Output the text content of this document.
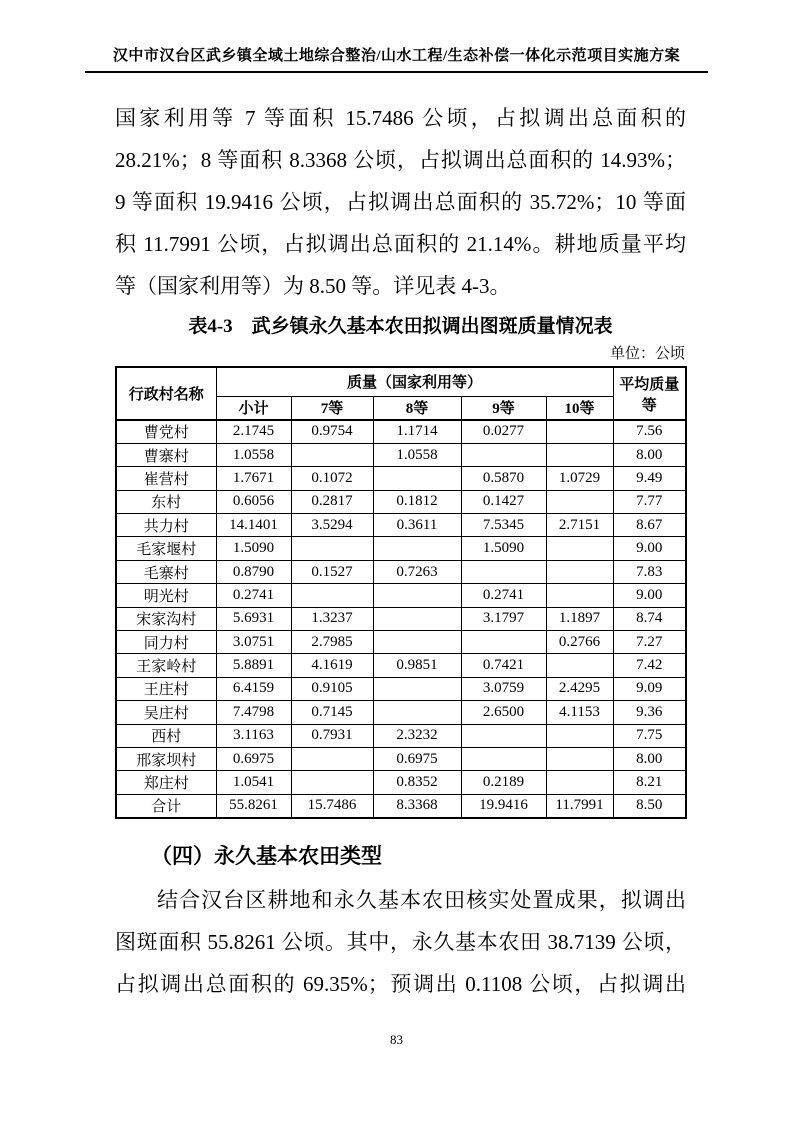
汉中市汉台区武乡镇全域土地综合整治/山水工程/生态补偿一体化示范项目实施方案
国家利用等 7 等面积 15.7486 公顷，占拟调出总面积的
28.21%；8 等面积 8.3368 公顷，占拟调出总面积的 14.93%；
9 等面积 19.9416 公顷，占拟调出总面积的 35.72%；10 等面
积 11.7991 公顷，占拟调出总面积的 21.14%。耕地质量平均
等（国家利用等）为 8.50 等。详见表 4-3。
表4-3　武乡镇永久基本农田拟调出图斑质量情况表
单位：公顷
行政村名称	质量（国家利用等）					平均质量等
	小计	7等	8等	9等	10等	
曹党村	2.1745	0.9754	1.1714	0.0277		7.56
曹寨村	1.0558		1.0558			8.00
崔营村	1.7671	0.1072		0.5870	1.0729	9.49
东村	0.6056	0.2817	0.1812	0.1427		7.77
共力村	14.1401	3.5294	0.3611	7.5345	2.7151	8.67
毛家堰村	1.5090			1.5090		9.00
毛寨村	0.8790	0.1527	0.7263			7.83
明光村	0.2741			0.2741		9.00
宋家沟村	5.6931	1.3237		3.1797	1.1897	8.74
同力村	3.0751	2.7985			0.2766	7.27
王家岭村	5.8891	4.1619	0.9851	0.7421		7.42
王庄村	6.4159	0.9105		3.0759	2.4295	9.09
吴庄村	7.4798	0.7145		2.6500	4.1153	9.36
西村	3.1163	0.7931	2.3232			7.75
邢家坝村	0.6975		0.6975			8.00
郑庄村	1.0541		0.8352	0.2189		8.21
合计	55.8261	15.7486	8.3368	19.9416	11.7991	8.50
（四）永久基本农田类型
结合汉台区耕地和永久基本农田核实处置成果，拟调出
图斑面积 55.8261 公顷。其中，永久基本农田 38.7139 公顷，
占拟调出总面积的 69.35%；预调出 0.1108 公顷，占拟调出
83
